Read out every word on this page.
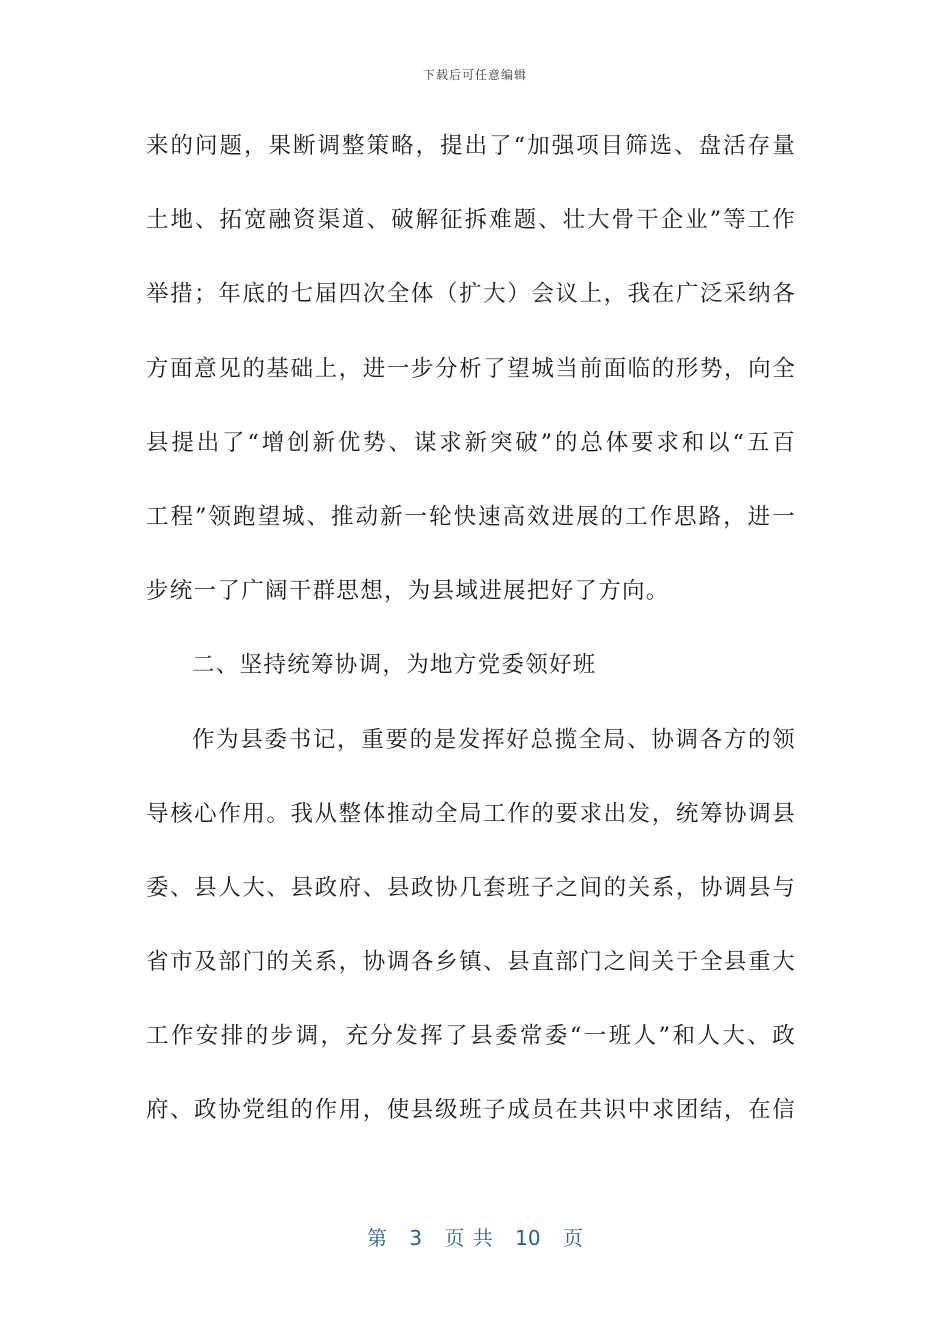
下载后可任意编辑
来的问题，果断调整策略，提出了“加强项目筛选、盘活存量
土地、拓宽融资渠道、破解征拆难题、壮大骨干企业”等工作
举措；年底的七届四次全体（扩大）会议上，我在广泛采纳各
方面意见的基础上，进一步分析了望城当前面临的形势，向全
县提出了“增创新优势、谋求新突破”的总体要求和以“五百
工程”领跑望城、推动新一轮快速高效进展的工作思路，进一
步统一了广阔干群思想，为县域进展把好了方向。
二、坚持统筹协调，为地方党委领好班
作为县委书记，重要的是发挥好总揽全局、协调各方的领
导核心作用。我从整体推动全局工作的要求出发，统筹协调县
委、县人大、县政府、县政协几套班子之间的关系，协调县与
省市及部门的关系，协调各乡镇、县直部门之间关于全县重大
工作安排的步调，充分发挥了县委常委“一班人”和人大、政
府、政协党组的作用，使县级班子成员在共识中求团结，在信
第 3 页 共 10 页
